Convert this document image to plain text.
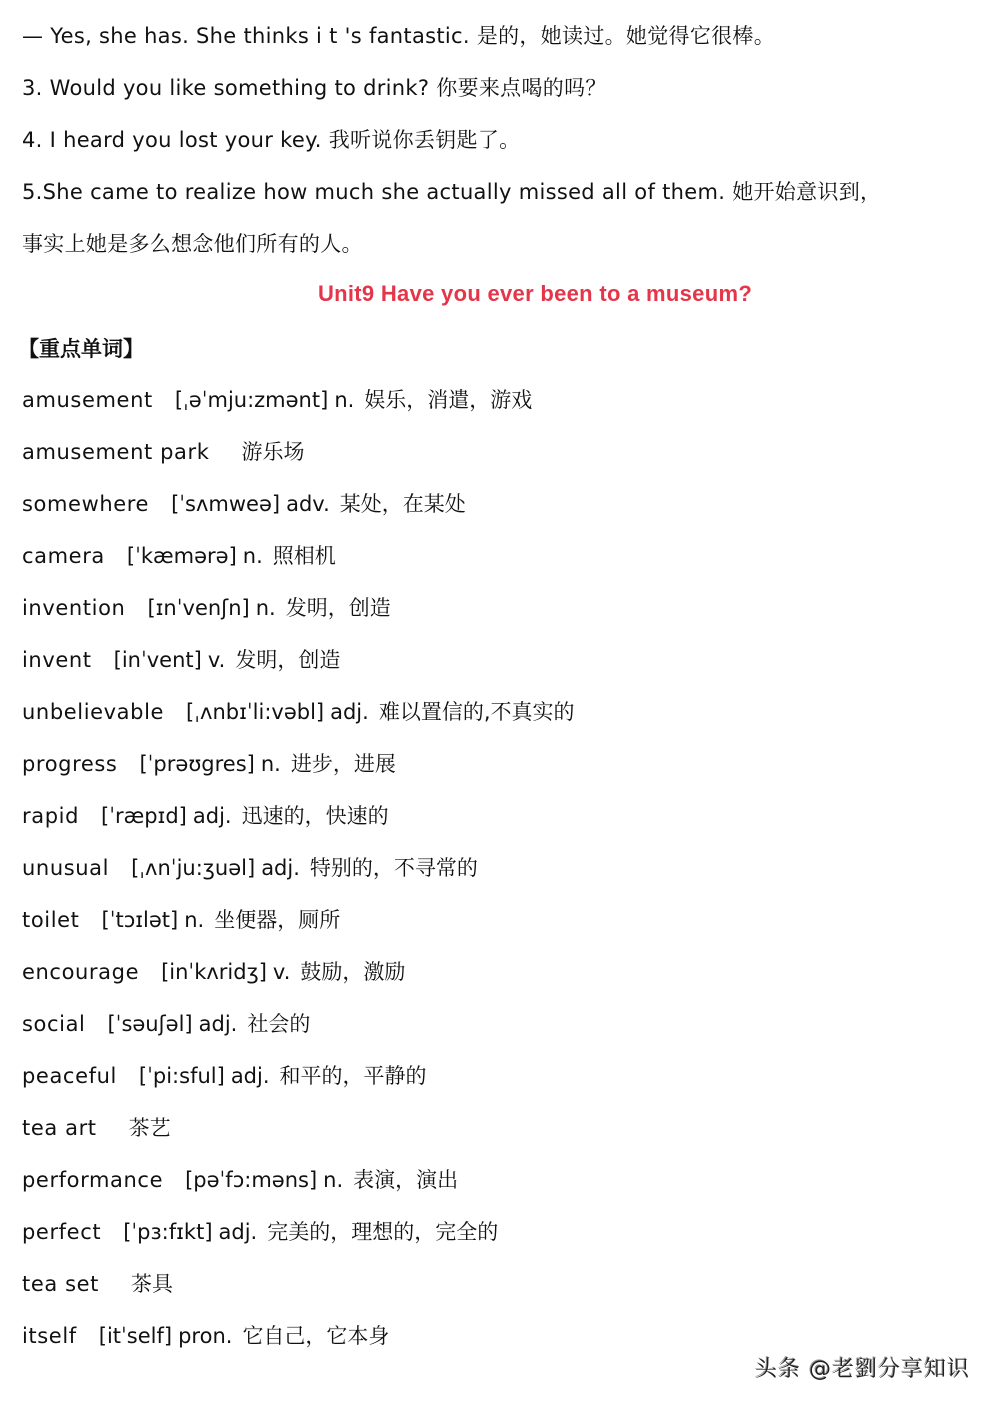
— Yes, she has. She thinks i t 's fantastic. 是的，她读过。她觉得它很棒。
3. Would you like something to drink? 你要来点喝的吗？
4. I heard you lost your key. 我听说你丢钥匙了。
5.She came to realize how much she actually missed all of them. 她开始意识到，
事实上她是多么想念他们所有的人。
Unit9 Have you ever been to a museum?
【重点单词】
amusement [ˌəˈmju:zmənt] n. 娱乐，消遣，游戏
amusement park 游乐场
somewhere [ˈsʌmweə] adv. 某处，在某处
camera [ˈkæmərə] n. 照相机
invention [ɪnˈvenʃn] n. 发明，创造
invent [inˈvent] v. 发明，创造
unbelievable [ˌʌnbɪˈli:vəbl] adj. 难以置信的,不真实的
progress [ˈprəʊgres] n. 进步，进展
rapid [ˈræpɪd] adj. 迅速的，快速的
unusual [ˌʌnˈju:ʒuəl] adj. 特别的，不寻常的
toilet [ˈtɔɪlət] n. 坐便器，厕所
encourage [inˈkʌridʒ] v. 鼓励，激励
social [ˈsəuʃəl] adj. 社会的
peaceful [ˈpi:sful] adj. 和平的，平静的
tea art 茶艺
performance [pəˈfɔ:məns] n. 表演，演出
perfect [ˈpɜ:fɪkt] adj. 完美的，理想的，完全的
tea set 茶具
itself [itˈself] pron. 它自己，它本身
头条 @老劉分享知识
